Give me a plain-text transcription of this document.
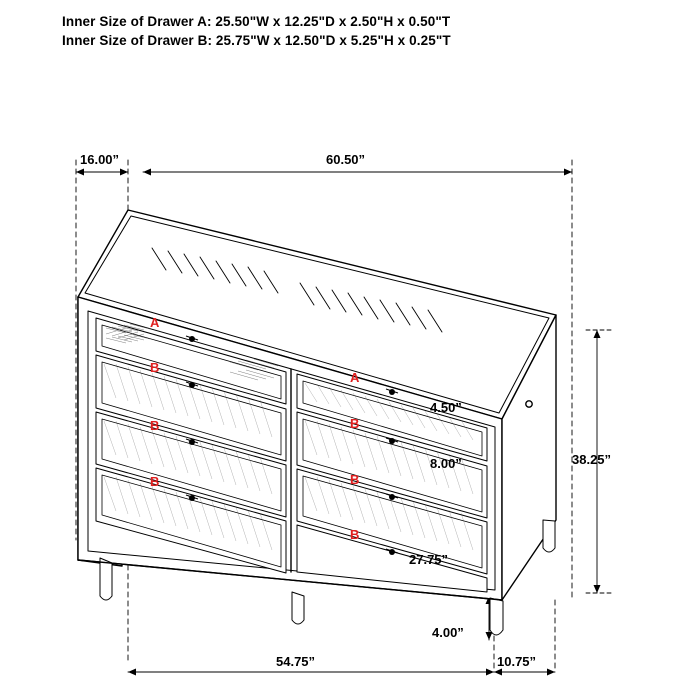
Inner Size of Drawer A: 25.50"W x 12.25"D x 2.50"H x 0.50"T
Inner Size of Drawer B: 25.75"W x 12.50"D x 5.25"H x 0.25"T
16.00”	60.50”
38.25”
54.75”	10.75”
4.50”
8.00”
27.75”
4.00”
A
B
B
B
A
B
B
B
